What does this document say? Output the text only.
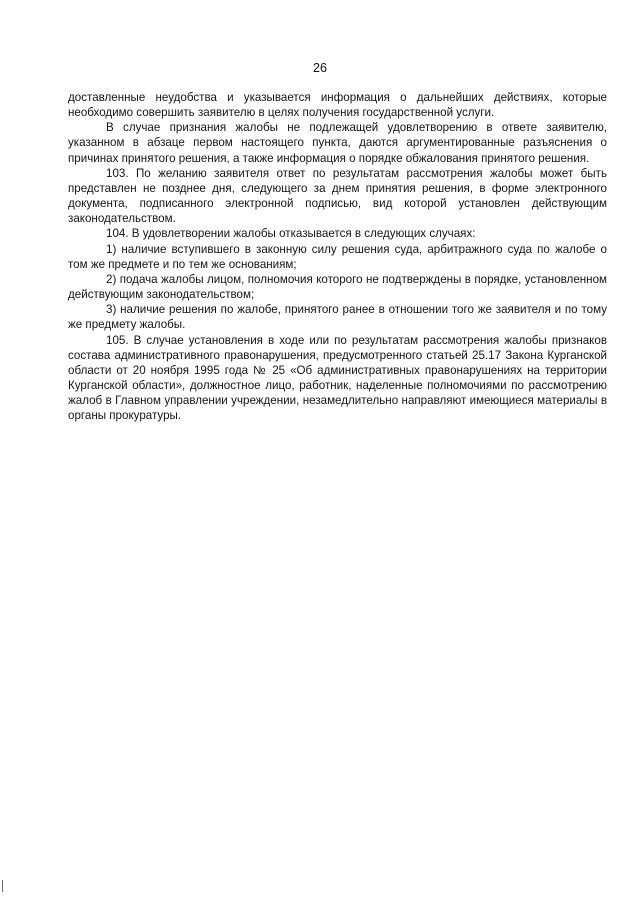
26

доставленные неудобства и указывается информация о дальнейших действиях, которые необходимо совершить заявителю в целях получения государственной услуги.

В случае признания жалобы не подлежащей удовлетворению в ответе заявителю, указанном в абзаце первом настоящего пункта, даются аргументированные разъяснения о причинах принятого решения, а также информация о порядке обжалования принятого решения.

103. По желанию заявителя ответ по результатам рассмотрения жалобы может быть представлен не позднее дня, следующего за днем принятия решения, в форме электронного документа, подписанного электронной подписью, вид которой установлен действующим законодательством.

104. В удовлетворении жалобы отказывается в следующих случаях:

1) наличие вступившего в законную силу решения суда, арбитражного суда по жалобе о том же предмете и по тем же основаниям;

2) подача жалобы лицом, полномочия которого не подтверждены в порядке, установленном действующим законодательством;

3) наличие решения по жалобе, принятого ранее в отношении того же заявителя и по тому же предмету жалобы.

105. В случае установления в ходе или по результатам рассмотрения жалобы признаков состава административного правонарушения, предусмотренного статьей 25.17 Закона Курганской области от 20 ноября 1995 года № 25 «Об административных правонарушениях на территории Курганской области», должностное лицо, работник, наделенные полномочиями по рассмотрению жалоб в Главном управлении учреждении, незамедлительно направляют имеющиеся материалы в органы прокуратуры.
